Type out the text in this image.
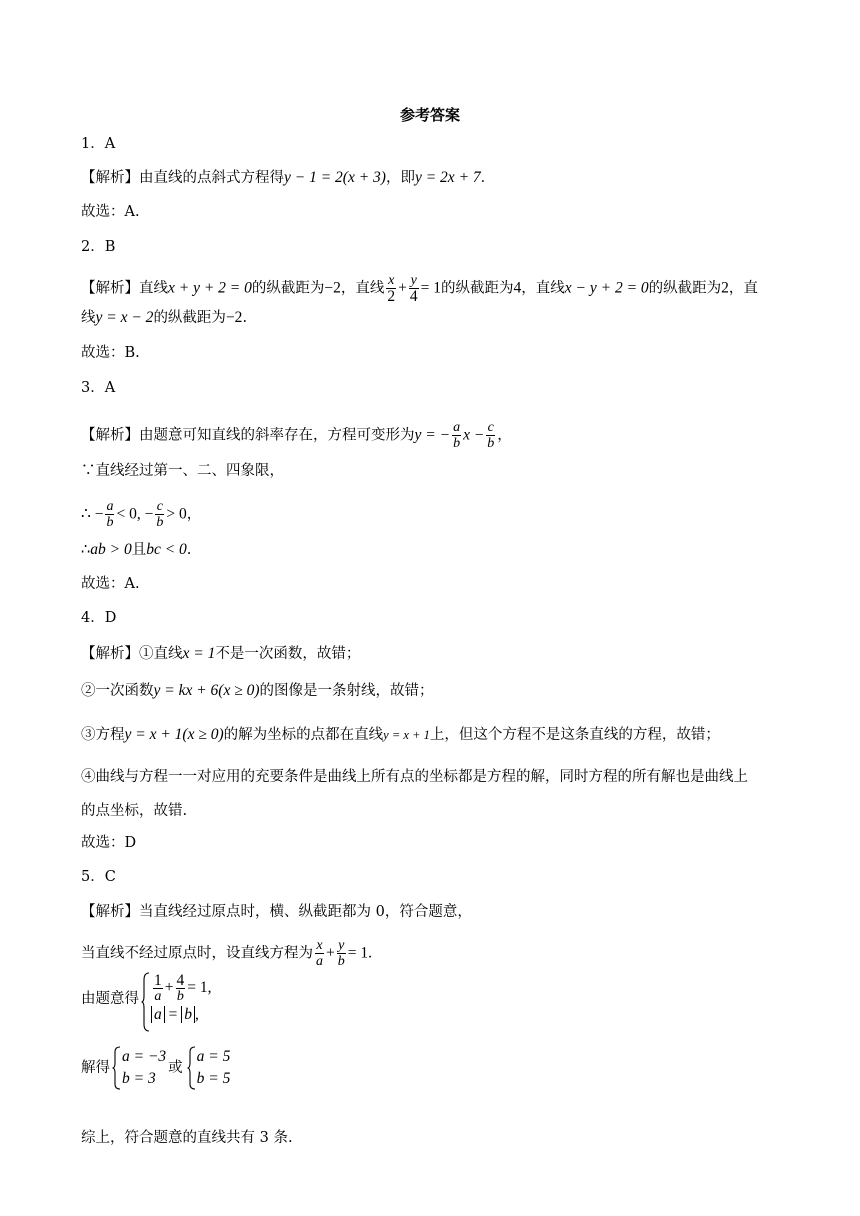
参考答案
1．A
【解析】由直线的点斜式方程得y − 1 = 2(x + 3)，即y = 2x + 7．
故选：A.
2．B
【解析】直线x + y + 2 = 0的纵截距为−2，直线 $\frac{x}{2} + \frac{y}{4} = 1$的纵截距为4，直线x − y + 2 = 0的纵截距为2，直
线y = x − 2的纵截距为−2.
故选：B.
3．A
【解析】由题意可知直线的斜率存在，方程可变形为y = − $\frac{a}{b}$ $x - \frac{c}{b}$ ，
∵直线经过第一、二、四象限，
∴ − $\frac{a}{b} < 0$, − $\frac{c}{b} > 0$，
∴ab > 0且bc < 0.
故选：A.
4．D
【解析】①直线x = 1不是一次函数，故错；
②一次函数y = kx + 6(x ≥ 0)的图像是一条射线，故错；
③方程y = x + 1(x ≥ 0)的解为坐标的点都在直线y = x + 1上，但这个方程不是这条直线的方程，故错；
④曲线与方程一一对应用的充要条件是曲线上所有点的坐标都是方程的解，同时方程的所有解也是曲线上
的点坐标，故错.
故选：D
5．C
【解析】当直线经过原点时，横、纵截距都为 0，符合题意，
当直线不经过原点时，设直线方程为 $\frac{x}{a} + \frac{y}{b} = 1$.
由题意得 $\frac{1}{a} + \frac{4}{b} = 1$,
a = b ,
解得
a = −3
b = 3
或
a = 5
b = 5
综上，符合题意的直线共有 3 条.
